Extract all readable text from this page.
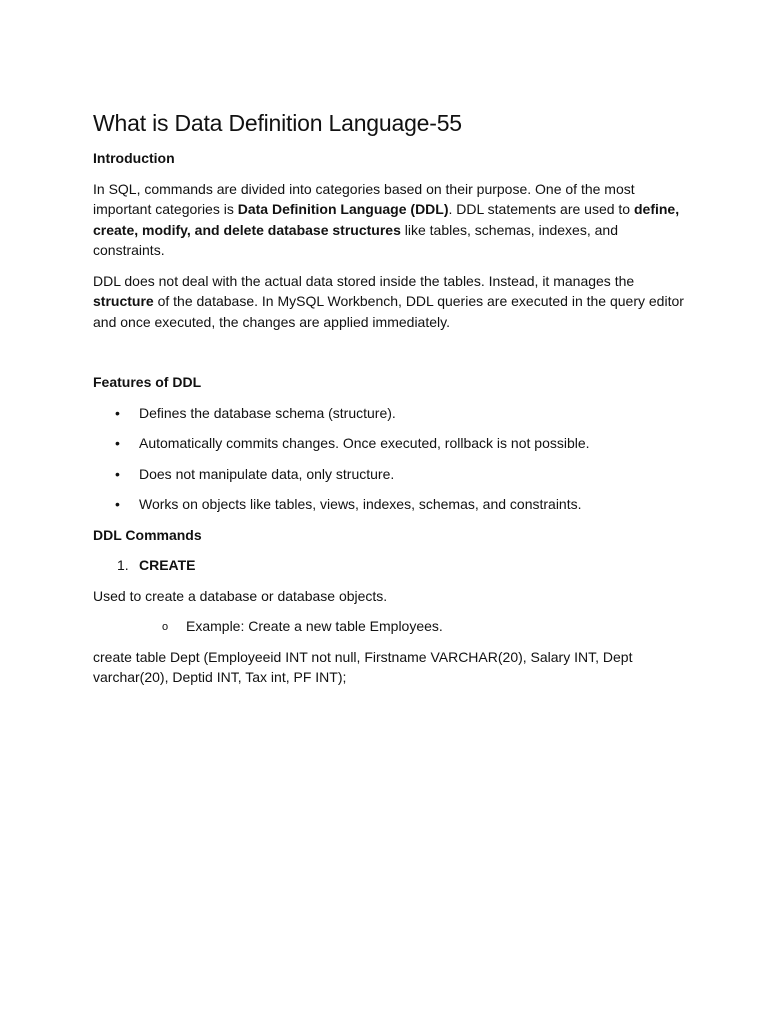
What is Data Definition Language-55
Introduction

In SQL, commands are divided into categories based on their purpose. One of the most important categories is Data Definition Language (DDL). DDL statements are used to define, create, modify, and delete database structures like tables, schemas, indexes, and constraints.

DDL does not deal with the actual data stored inside the tables. Instead, it manages the structure of the database. In MySQL Workbench, DDL queries are executed in the query editor and once executed, the changes are applied immediately.

Features of DDL
• Defines the database schema (structure).
• Automatically commits changes. Once executed, rollback is not possible.
• Does not manipulate data, only structure.
• Works on objects like tables, views, indexes, schemas, and constraints.
DDL Commands
1. CREATE

Used to create a database or database objects.

o Example: Create a new table Employees.

create table Dept (Employeeid INT not null, Firstname VARCHAR(20), Salary INT, Dept varchar(20), Deptid INT, Tax int, PF INT);
